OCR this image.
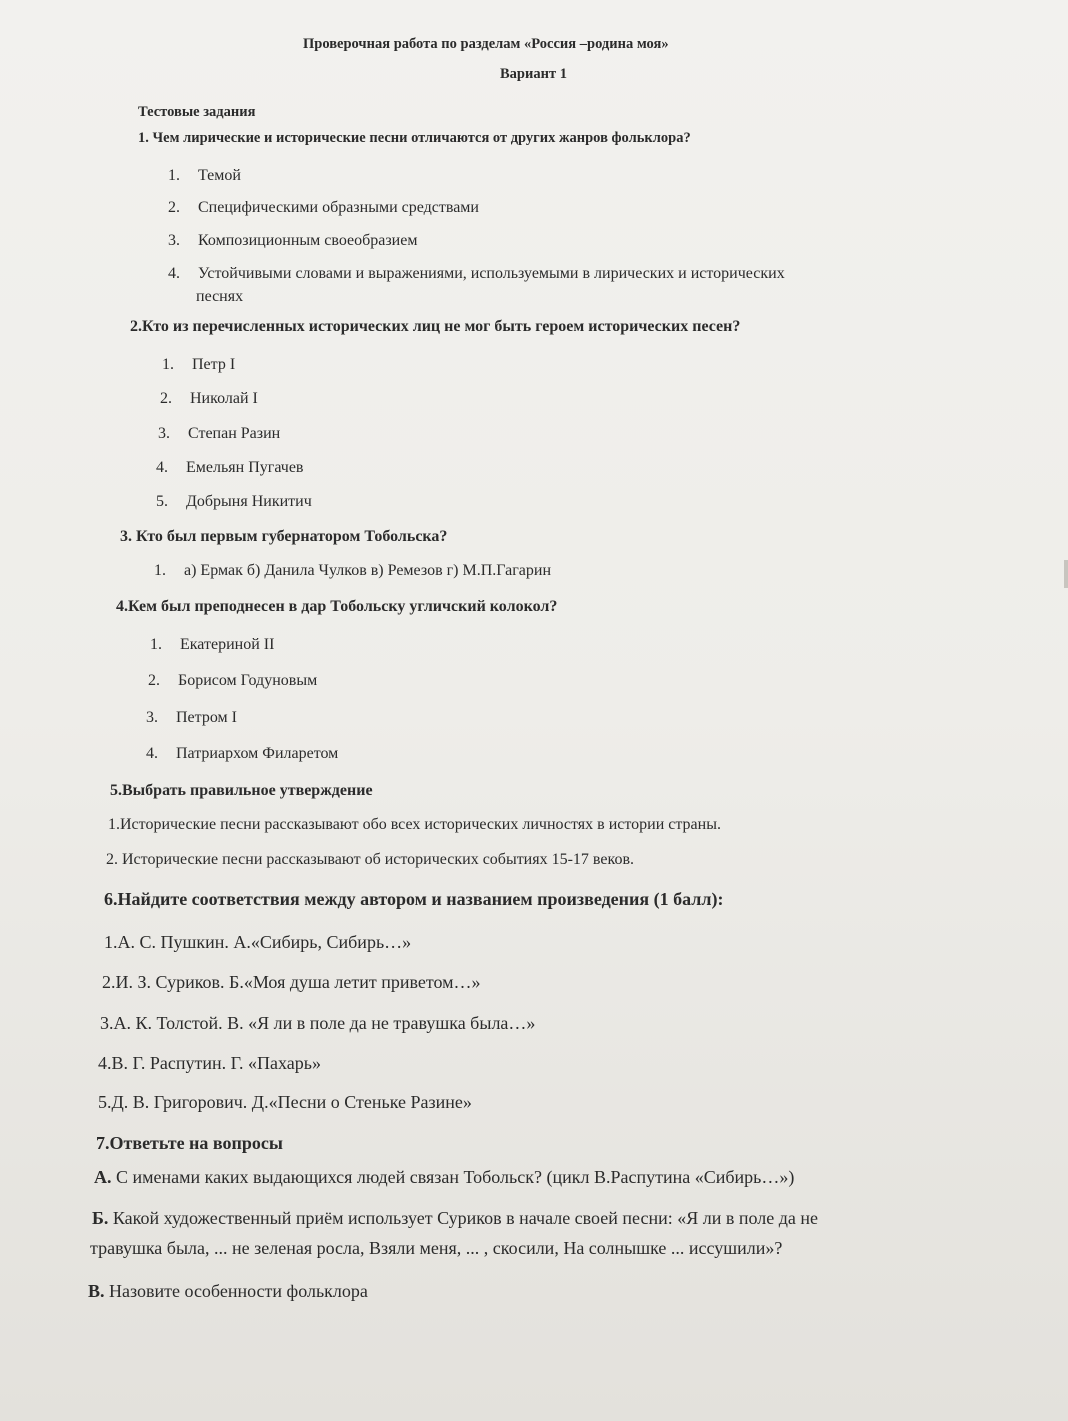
Проверочная работа по разделам «Россия –родина моя»
Вариант 1
Тестовые задания
1. Чем лирические и исторические песни отличаются от других жанров фольклора?
1. Темой
2. Специфическими образными средствами
3. Композиционным своеобразием
4. Устойчивыми словами и выражениями, используемыми в лирических и исторических
песнях
2.Кто из перечисленных исторических лиц не мог быть героем исторических песен?
1. Петр I
2. Николай I
3. Степан Разин
4. Емельян Пугачев
5. Добрыня Никитич
3. Кто был первым губернатором Тобольска?
1. а) Ермак б) Данила Чулков в) Ремезов г) М.П.Гагарин
4.Кем был преподнесен в дар Тобольску угличский колокол?
1. Екатериной II
2. Борисом Годуновым
3. Петром I
4. Патриархом Филаретом
5.Выбрать правильное утверждение
1.Исторические песни рассказывают обо всех исторических личностях в истории страны.
2. Исторические песни рассказывают об исторических событиях 15-17 веков.
6.Найдите соответствия между автором и названием произведения (1 балл):
1.А. С. Пушкин. А.«Сибирь, Сибирь…»
2.И. З. Суриков. Б.«Моя душа летит приветом…»
3.А. К. Толстой. В. «Я ли в поле да не травушка была…»
4.В. Г. Распутин. Г. «Пахарь»
5.Д. В. Григорович. Д.«Песни о Стеньке Разине»
7.Ответьте на вопросы
А. С именами каких выдающихся людей связан Тобольск? (цикл В.Распутина «Сибирь…»)
Б. Какой художественный приём использует Суриков в начале своей песни: «Я ли в поле да не
травушка была, ... не зеленая росла, Взяли меня, ... , скосили, На солнышке ... иссушили»?
В. Назовите особенности фольклора
